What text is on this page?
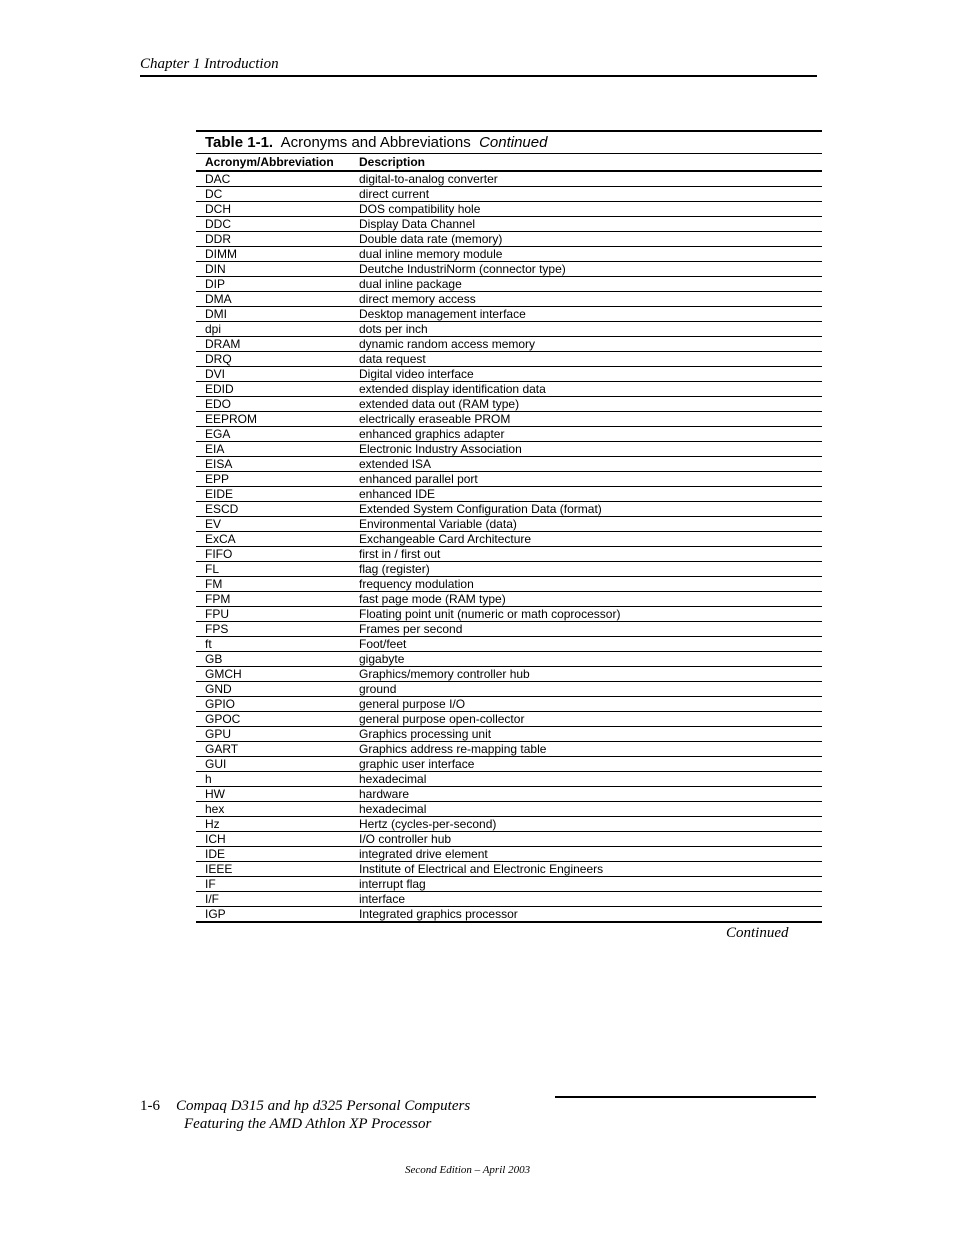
Chapter 1 Introduction
Table 1-1. Acronyms and Abbreviations Continued
Acronym/Abbreviation	Description
DAC	digital-to-analog converter
DC	direct current
DCH	DOS compatibility hole
DDC	Display Data Channel
DDR	Double data rate (memory)
DIMM	dual inline memory module
DIN	Deutche IndustriNorm (connector type)
DIP	dual inline package
DMA	direct memory access
DMI	Desktop management interface
dpi	dots per inch
DRAM	dynamic random access memory
DRQ	data request
DVI	Digital video interface
EDID	extended display identification data
EDO	extended data out (RAM type)
EEPROM	electrically eraseable PROM
EGA	enhanced graphics adapter
EIA	Electronic Industry Association
EISA	extended ISA
EPP	enhanced parallel port
EIDE	enhanced IDE
ESCD	Extended System Configuration Data (format)
EV	Environmental Variable (data)
ExCA	Exchangeable Card Architecture
FIFO	first in / first out
FL	flag (register)
FM	frequency modulation
FPM	fast page mode (RAM type)
FPU	Floating point unit (numeric or math coprocessor)
FPS	Frames per second
ft	Foot/feet
GB	gigabyte
GMCH	Graphics/memory controller hub
GND	ground
GPIO	general purpose I/O
GPOC	general purpose open-collector
GPU	Graphics processing unit
GART	Graphics address re-mapping table
GUI	graphic user interface
h	hexadecimal
HW	hardware
hex	hexadecimal
Hz	Hertz (cycles-per-second)
ICH	I/O controller hub
IDE	integrated drive element
IEEE	Institute of Electrical and Electronic Engineers
IF	interrupt flag
I/F	interface
IGP	Integrated graphics processor
Continued
1-6 Compaq D315 and hp d325 Personal Computers
Featuring the AMD Athlon XP Processor
Second Edition – April 2003
